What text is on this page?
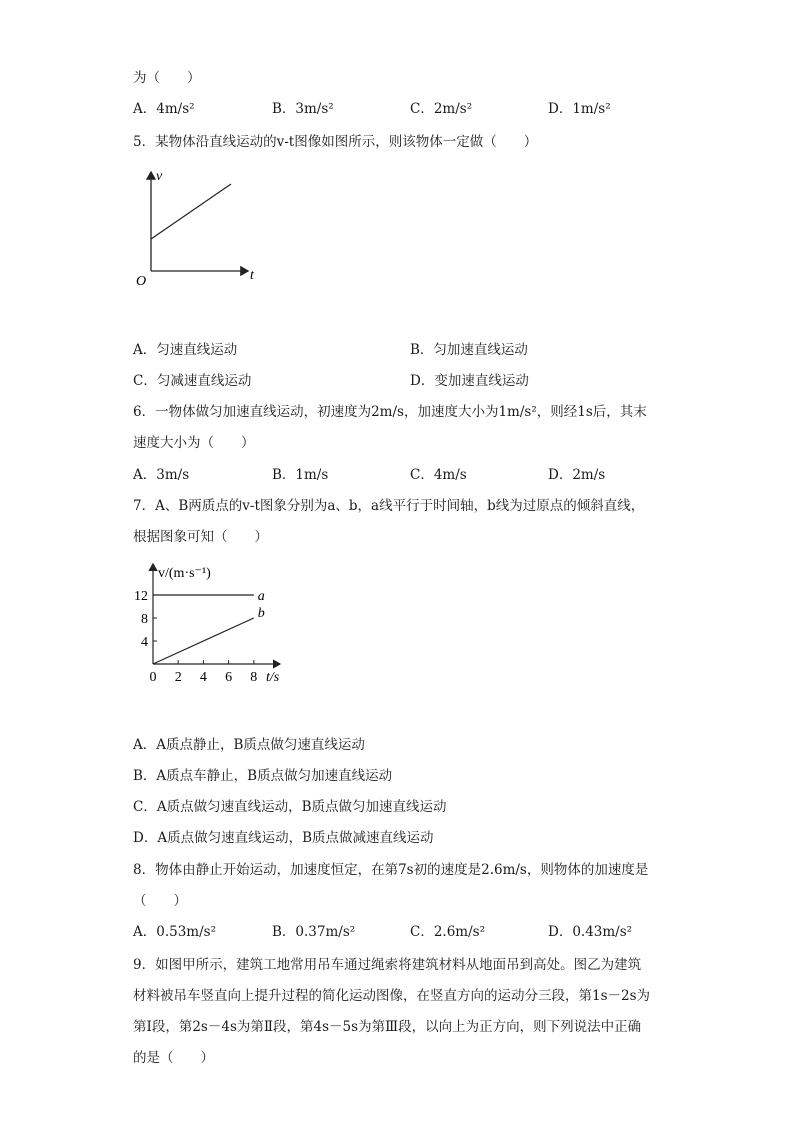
为（　　）
A．4m/s²	B．3m/s²	C．2m/s²	D．1m/s²
5．某物体沿直线运动的v-t图像如图所示，则该物体一定做（　　）
v
t
O
A．匀速直线运动	B．匀加速直线运动
C．匀减速直线运动	D．变加速直线运动
6．一物体做匀加速直线运动，初速度为2m/s，加速度大小为1m/s²，则经1s后，其末
速度大小为（　　）
A．3m/s	B．1m/s	C．4m/s	D．2m/s
7．A、B两质点的v-t图象分别为a、b，a线平行于时间轴，b线为过原点的倾斜直线，
根据图象可知（　　）
v/(m·s⁻¹)
t/s
12
8
4
0 2 4 6 8
a
b
A．A质点静止，B质点做匀速直线运动
B．A质点车静止，B质点做匀加速直线运动
C．A质点做匀速直线运动，B质点做匀加速直线运动
D．A质点做匀速直线运动，B质点做减速直线运动
8．物体由静止开始运动，加速度恒定，在第7s初的速度是2.6m/s，则物体的加速度是
（　　）
A．0.53m/s²	B．0.37m/s²	C．2.6m/s²	D．0.43m/s²
9．如图甲所示，建筑工地常用吊车通过绳索将建筑材料从地面吊到高处。图乙为建筑
材料被吊车竖直向上提升过程的简化运动图像，在竖直方向的运动分三段，第1s－2s为
第Ⅰ段，第2s－4s为第Ⅱ段，第4s－5s为第Ⅲ段，以向上为正方向，则下列说法中正确
的是（　　）
